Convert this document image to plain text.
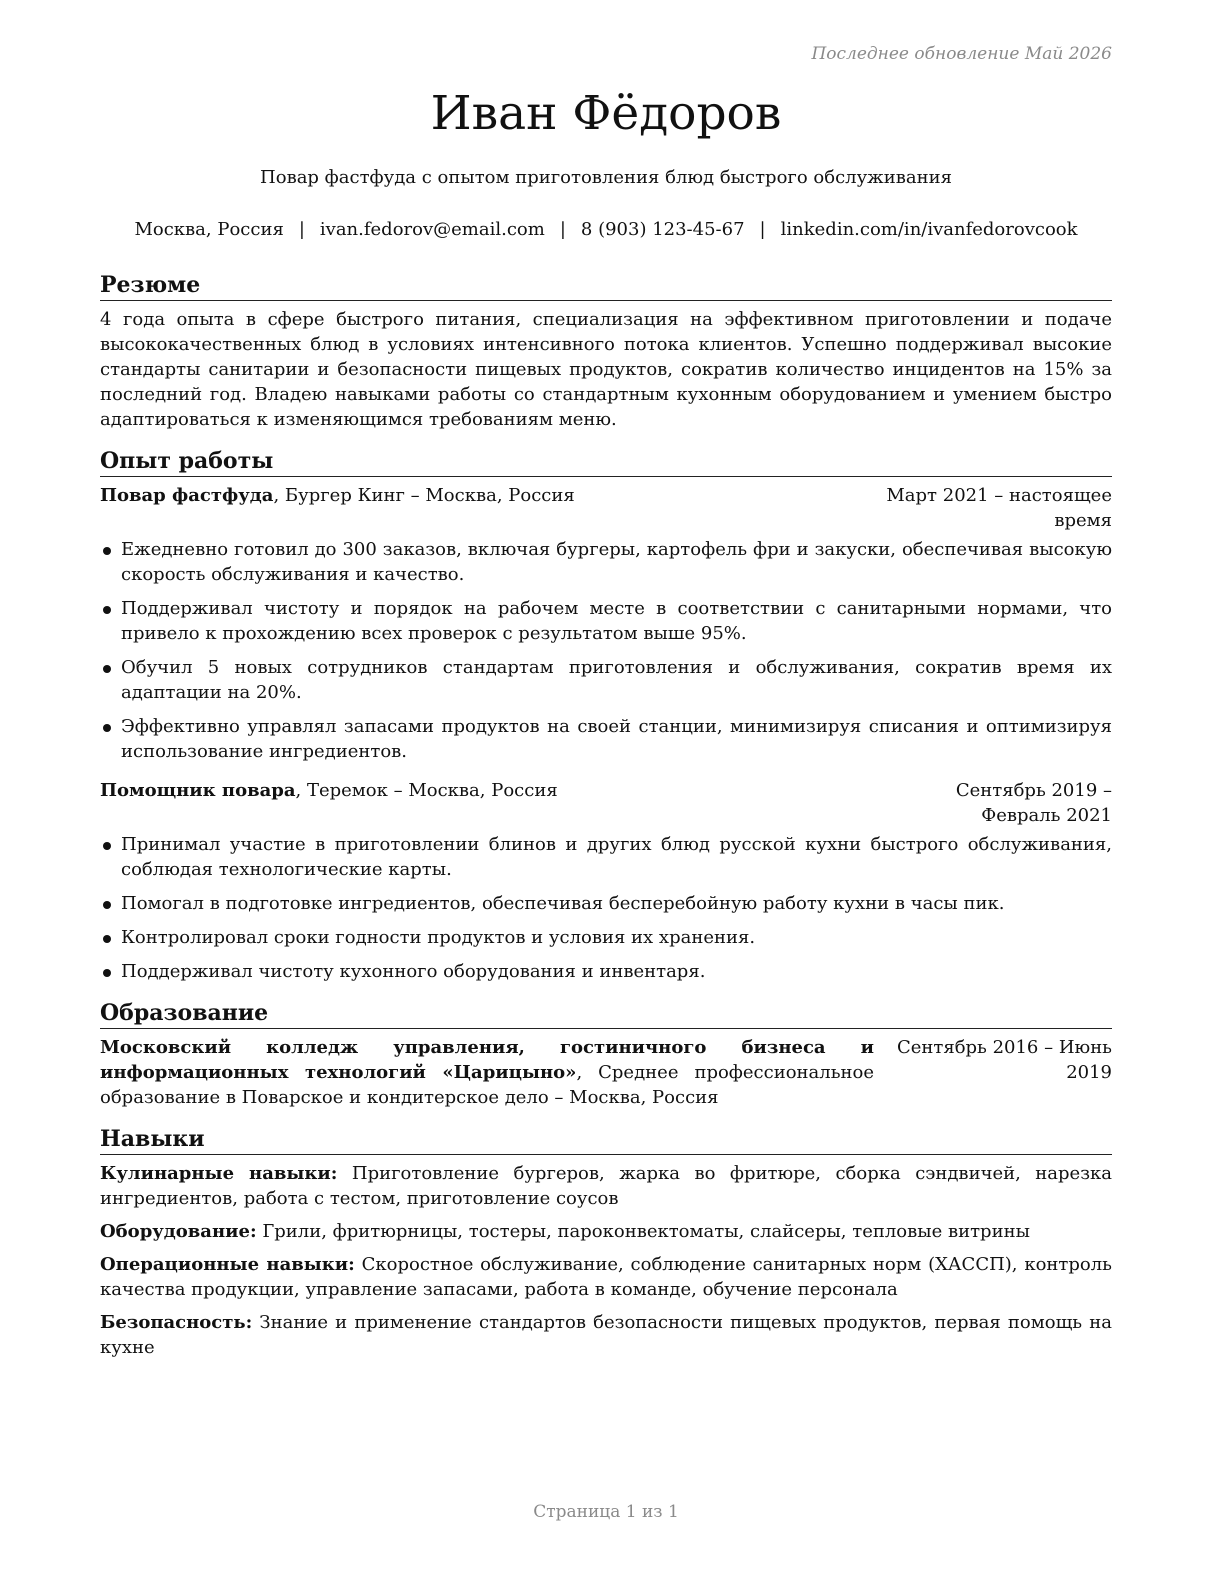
Последнее обновление Май 2026
Иван Фёдоров
Повар фастфуда с опытом приготовления блюд быстрого обслуживания
Москва, Россия | ivan.fedorov@email.com | 8 (903) 123-45-67 | linkedin.com/in/ivanfedorovcook
Резюме

4 года опыта в сфере быстрого питания, специализация на эффективном приготовлении и подаче высококачественных блюд в условиях интенсивного потока клиентов. Успешно поддерживал высокие стандарты санитарии и безопасности пищевых продуктов, сократив количество инцидентов на 15% за последний год. Владею навыками работы со стандартным кухонным оборудованием и умением быстро адаптироваться к изменяющимся требованиям меню.

Опыт работы
Повар фастфуда, Бургер Кинг – Москва, Россия	Март 2021 – настоящее время
Ежедневно готовил до 300 заказов, включая бургеры, картофель фри и закуски, обеспечивая высокую скорость обслуживания и качество.
Поддерживал чистоту и порядок на рабочем месте в соответствии с санитарными нормами, что привело к прохождению всех проверок с результатом выше 95%.
Обучил 5 новых сотрудников стандартам приготовления и обслуживания, сократив время их адаптации на 20%.
Эффективно управлял запасами продуктов на своей станции, минимизируя списания и оптимизируя использование ингредиентов.
Помощник повара, Теремок – Москва, Россия	Сентябрь 2019 – Февраль 2021
Принимал участие в приготовлении блинов и других блюд русской кухни быстрого обслуживания, соблюдая технологические карты.
Помогал в подготовке ингредиентов, обеспечивая бесперебойную работу кухни в часы пик.
Контролировал сроки годности продуктов и условия их хранения.
Поддерживал чистоту кухонного оборудования и инвентаря.
Образование
Московский колледж управления, гостиничного бизнеса и информационных технологий «Царицыно», Среднее профессиональное образование в Поварское и кондитерское дело – Москва, Россия
Сентябрь 2016 – Июнь 2019
Навыки

Кулинарные навыки: Приготовление бургеров, жарка во фритюре, сборка сэндвичей, нарезка ингредиентов, работа с тестом, приготовление соусов

Оборудование: Грили, фритюрницы, тостеры, пароконвектоматы, слайсеры, тепловые витрины

Операционные навыки: Скоростное обслуживание, соблюдение санитарных норм (ХАССП), контроль качества продукции, управление запасами, работа в команде, обучение персонала

Безопасность: Знание и применение стандартов безопасности пищевых продуктов, первая помощь на кухне

Страница 1 из 1
